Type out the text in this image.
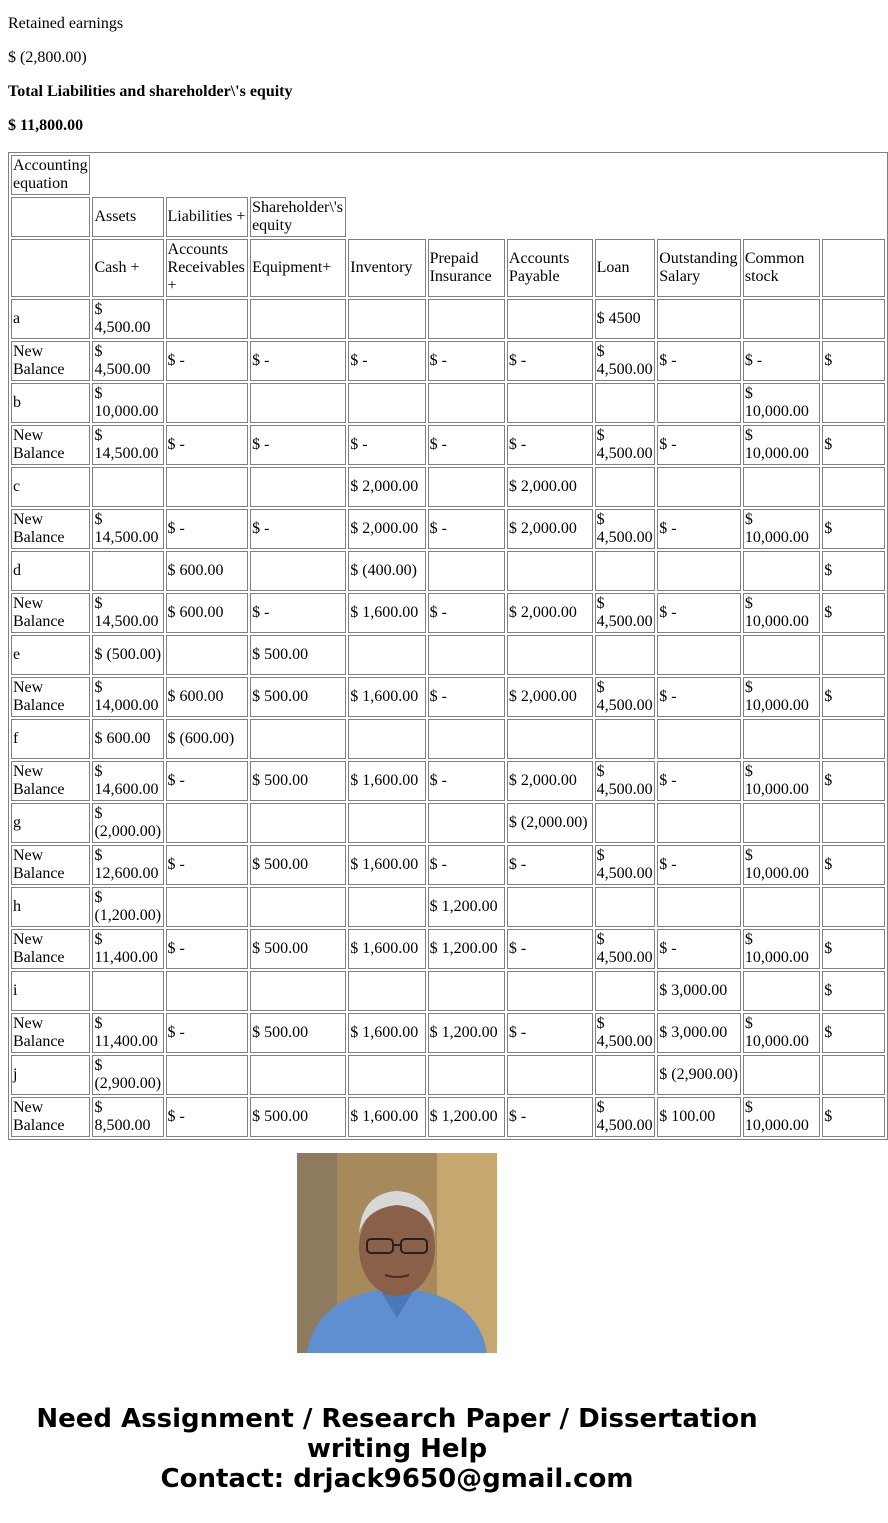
Retained earnings

$ (2,800.00)

Total Liabilities and shareholder\'s equity

$ 11,800.00

Accounting equation										
	Assets	Liabilities +	Shareholder\'s equity							
	Cash +	Accounts Receivables +	Equipment+	Inventory	Prepaid Insurance	Accounts Payable	Loan	Outstanding Salary	Common stock	
a	$ 4,500.00						$ 4500			
New Balance	$ 4,500.00	$ -	$ -	$ -	$ -	$ -	$ 4,500.00	$ -	$ -	$
b	$ 10,000.00								$ 10,000.00	
New Balance	$ 14,500.00	$ -	$ -	$ -	$ -	$ -	$ 4,500.00	$ -	$ 10,000.00	$
c				$ 2,000.00		$ 2,000.00				
New Balance	$ 14,500.00	$ -	$ -	$ 2,000.00	$ -	$ 2,000.00	$ 4,500.00	$ -	$ 10,000.00	$
d		$ 600.00		$ (400.00)						$
New Balance	$ 14,500.00	$ 600.00	$ -	$ 1,600.00	$ -	$ 2,000.00	$ 4,500.00	$ -	$ 10,000.00	$
e	$ (500.00)		$ 500.00							
New Balance	$ 14,000.00	$ 600.00	$ 500.00	$ 1,600.00	$ -	$ 2,000.00	$ 4,500.00	$ -	$ 10,000.00	$
f	$ 600.00	$ (600.00)								
New Balance	$ 14,600.00	$ -	$ 500.00	$ 1,600.00	$ -	$ 2,000.00	$ 4,500.00	$ -	$ 10,000.00	$
g	$ (2,000.00)					$ (2,000.00)				
New Balance	$ 12,600.00	$ -	$ 500.00	$ 1,600.00	$ -	$ -	$ 4,500.00	$ -	$ 10,000.00	$
h	$ (1,200.00)				$ 1,200.00					
New Balance	$ 11,400.00	$ -	$ 500.00	$ 1,600.00	$ 1,200.00	$ -	$ 4,500.00	$ -	$ 10,000.00	$
i								$ 3,000.00		$
New Balance	$ 11,400.00	$ -	$ 500.00	$ 1,600.00	$ 1,200.00	$ -	$ 4,500.00	$ 3,000.00	$ 10,000.00	$
j	$ (2,900.00)							$ (2,900.00)		
New Balance	$ 8,500.00	$ -	$ 500.00	$ 1,600.00	$ 1,200.00	$ -	$ 4,500.00	$ 100.00	$ 10,000.00	$
Need Assignment / Research Paper / Dissertation
writing Help
Contact: drjack9650@gmail.com
